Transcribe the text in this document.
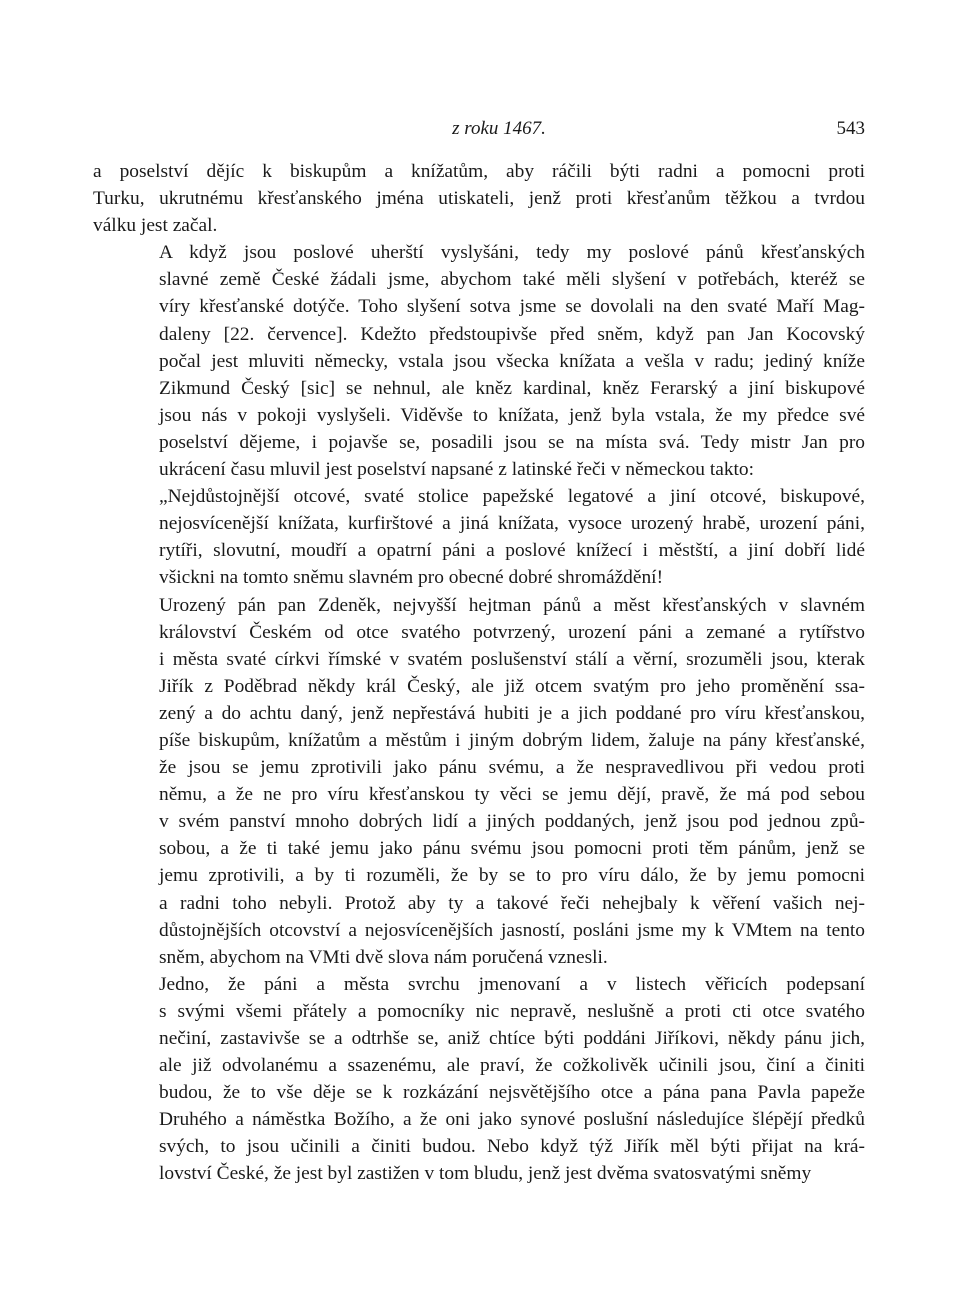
z roku 1467.	543
a poselství dějíc k biskupům a knížatům, aby ráčili býti radni a pomocni proti
Turku, ukrutnému křesťanského jména utiskateli, jenž proti křesťanům těžkou a tvrdou
válku jest začal.
A když jsou poslové uherští vyslyšáni, tedy my poslové pánů křesťanských
slavné země České žádali jsme, abychom také měli slyšení v potřebách, kteréž se
víry křesťanské dotýče. Toho slyšení sotva jsme se dovolali na den svaté Maří Mag-
daleny [22. července]. Kdežto předstoupivše před sněm, když pan Jan Kocovský
počal jest mluviti německy, vstala jsou všecka knížata a vešla v radu; jediný kníže
Zikmund Český [sic] se nehnul, ale kněz kardinal, kněz Ferarský a jiní biskupové
jsou nás v pokoji vyslyšeli. Viděvše to knížata, jenž byla vstala, že my předce své
poselství dějeme, i pojavše se, posadili jsou se na místa svá. Tedy mistr Jan pro
ukrácení času mluvil jest poselství napsané z latinské řeči v německou takto:
„Nejdůstojnější otcové, svaté stolice papežské legatové a jiní otcové, biskupové,
nejosvícenější knížata, kurfirštové a jiná knížata, vysoce urozený hrabě, urození páni,
rytíři, slovutní, moudří a opatrní páni a poslové knížecí i městští, a jiní dobří lidé
všickni na tomto sněmu slavném pro obecné dobré shromáždění!
Urozený pán pan Zdeněk, nejvyšší hejtman pánů a měst křesťanských v slavném
království Českém od otce svatého potvrzený, urození páni a zemané a rytířstvo
i města svaté církvi římské v svatém poslušenství stálí a věrní, srozuměli jsou, kterak
Jiřík z Poděbrad někdy král Český, ale již otcem svatým pro jeho proměnění ssa-
zený a do achtu daný, jenž nepřestává hubiti je a jich poddané pro víru křesťanskou,
píše biskupům, knížatům a městům i jiným dobrým lidem, žaluje na pány křesťanské,
že jsou se jemu zprotivili jako pánu svému, a že nespravedlivou při vedou proti
němu, a že ne pro víru křesťanskou ty věci se jemu dějí, pravě, že má pod sebou
v svém panství mnoho dobrých lidí a jiných poddaných, jenž jsou pod jednou způ-
sobou, a že ti také jemu jako pánu svému jsou pomocni proti těm pánům, jenž se
jemu zprotivili, a by ti rozuměli, že by se to pro víru dálo, že by jemu pomocni
a radni toho nebyli. Protož aby ty a takové řeči nehejbaly k věření vašich nej-
důstojnějších otcovství a nejosvícenějších jasností, posláni jsme my k VMtem na tento
sněm, abychom na VMti dvě slova nám poručená vznesli.
Jedno, že páni a města svrchu jmenovaní a v listech věřicích podepsaní
s svými všemi přátely a pomocníky nic nepravě, neslušně a proti cti otce svatého
nečiní, zastavivše se a odtrhše se, aniž chtíce býti poddáni Jiříkovi, někdy pánu jich,
ale již odvolanému a ssazenému, ale praví, že cožkolivěk učinili jsou, činí a činiti
budou, že to vše děje se k rozkázání nejsvětějšího otce a pána pana Pavla papeže
Druhého a náměstka Božího, a že oni jako synové poslušní následujíce šlépějí předků
svých, to jsou učinili a činiti budou. Nebo když týž Jiřík měl býti přijat na krá-
lovství České, že jest byl zastižen v tom bludu, jenž jest dvěma svatosvatými sněmy
